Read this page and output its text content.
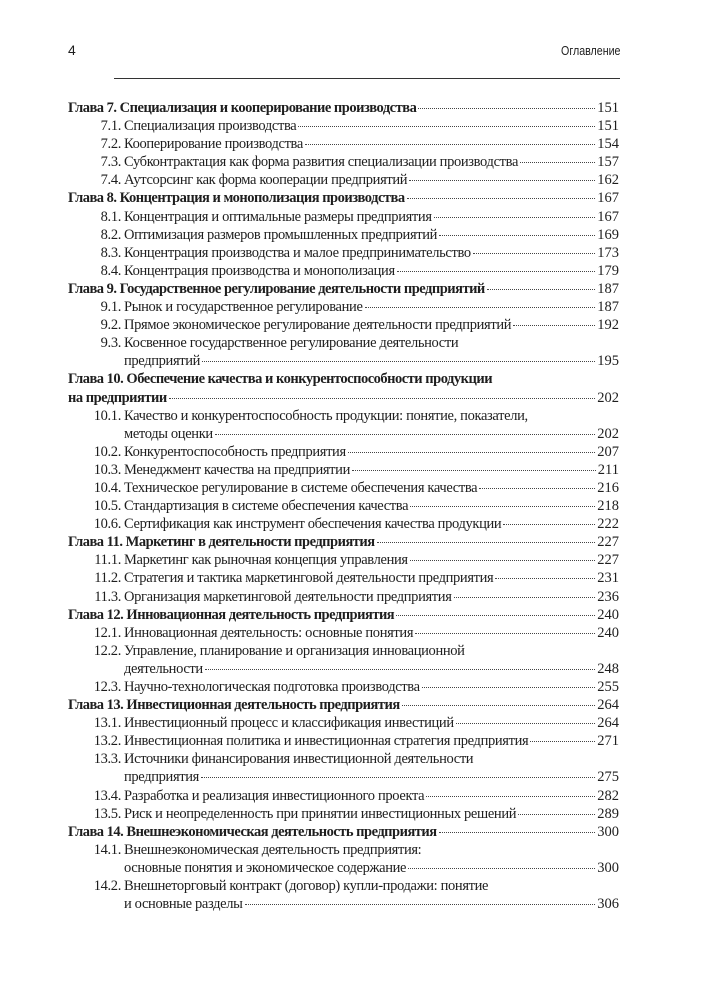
4	Оглавление
Глава 7. Специализация и кооперирование производства	151
7.1. Специализация производства	151
7.2. Кооперирование производства	154
7.3. Субконтрактация как форма развития специализации производства	157
7.4. Аутсорсинг как форма кооперации предприятий	162
Глава 8. Концентрация и монополизация производства	167
8.1. Концентрация и оптимальные размеры предприятия	167
8.2. Оптимизация размеров промышленных предприятий	169
8.3. Концентрация производства и малое предпринимательство	173
8.4. Концентрация производства и монополизация	179
Глава 9. Государственное регулирование деятельности предприятий	187
9.1. Рынок и государственное регулирование	187
9.2. Прямое экономическое регулирование деятельности предприятий	192
9.3. Косвенное государственное регулирование деятельности
предприятий	195
Глава 10. Обеспечение качества и конкурентоспособности продукции
на предприятии	202
10.1. Качество и конкурентоспособность продукции: понятие, показатели,
методы оценки	202
10.2. Конкурентоспособность предприятия	207
10.3. Менеджмент качества на предприятии	211
10.4. Техническое регулирование в системе обеспечения качества	216
10.5. Стандартизация в системе обеспечения качества	218
10.6. Сертификация как инструмент обеспечения качества продукции	222
Глава 11. Маркетинг в деятельности предприятия	227
11.1. Маркетинг как рыночная концепция управления	227
11.2. Стратегия и тактика маркетинговой деятельности предприятия	231
11.3. Организация маркетинговой деятельности предприятия	236
Глава 12. Инновационная деятельность предприятия	240
12.1. Инновационная деятельность: основные понятия	240
12.2. Управление, планирование и организация инновационной
деятельности	248
12.3. Научно-технологическая подготовка производства	255
Глава 13. Инвестиционная деятельность предприятия	264
13.1. Инвестиционный процесс и классификация инвестиций	264
13.2. Инвестиционная политика и инвестиционная стратегия предприятия	271
13.3. Источники финансирования инвестиционной деятельности
предприятия	275
13.4. Разработка и реализация инвестиционного проекта	282
13.5. Риск и неопределенность при принятии инвестиционных решений	289
Глава 14. Внешнеэкономическая деятельность предприятия	300
14.1. Внешнеэкономическая деятельность предприятия:
основные понятия и экономическое содержание	300
14.2. Внешнеторговый контракт (договор) купли-продажи: понятие
и основные разделы	306
